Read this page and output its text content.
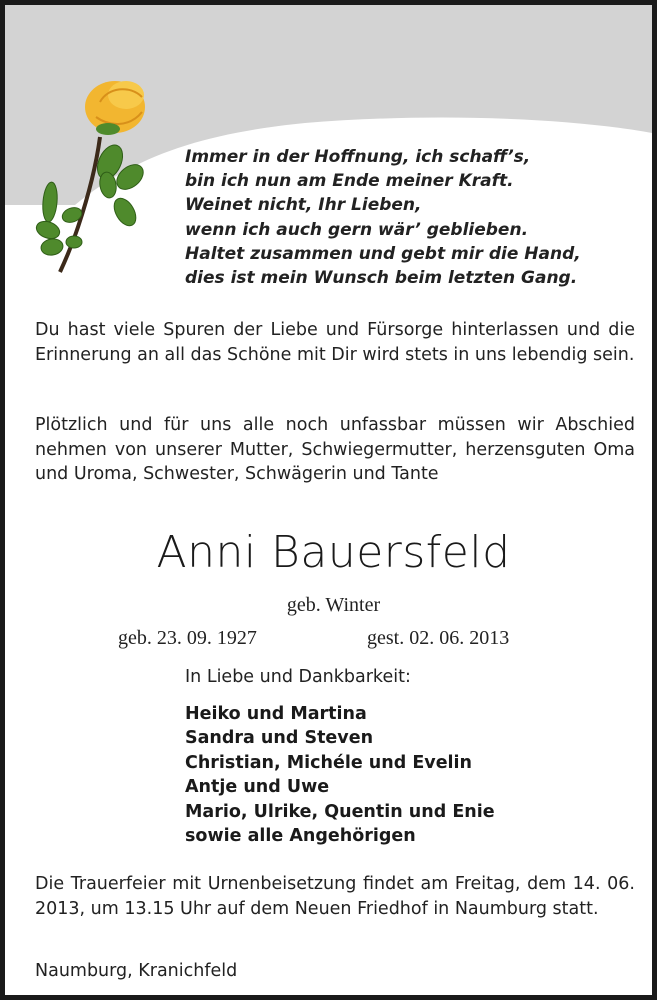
Immer in der Hoffnung, ich schaff’s,
bin ich nun am Ende meiner Kraft.
Weinet nicht, Ihr Lieben,
wenn ich auch gern wär’ geblieben.
Haltet zusammen und gebt mir die Hand,
dies ist mein Wunsch beim letzten Gang.
Du hast viele Spuren der Liebe und Fürsorge hinterlassen und die Erinnerung an all das Schöne mit Dir wird stets in uns lebendig sein.
Plötzlich und für uns alle noch unfassbar müssen wir Abschied nehmen von unserer Mutter, Schwiegermutter, herzensguten Oma und Uroma, Schwester, Schwägerin und Tante
Anni Bauersfeld
geb. Winter
geb. 23. 09. 1927	gest. 02. 06. 2013
In Liebe und Dankbarkeit:
Heiko und Martina
Sandra und Steven
Christian, Michéle und Evelin
Antje und Uwe
Mario, Ulrike, Quentin und Enie
sowie alle Angehörigen
Die Trauerfeier mit Urnenbeisetzung findet am Freitag, dem 14. 06. 2013, um 13.15 Uhr auf dem Neuen Friedhof in Naumburg statt.
Naumburg, Kranichfeld
